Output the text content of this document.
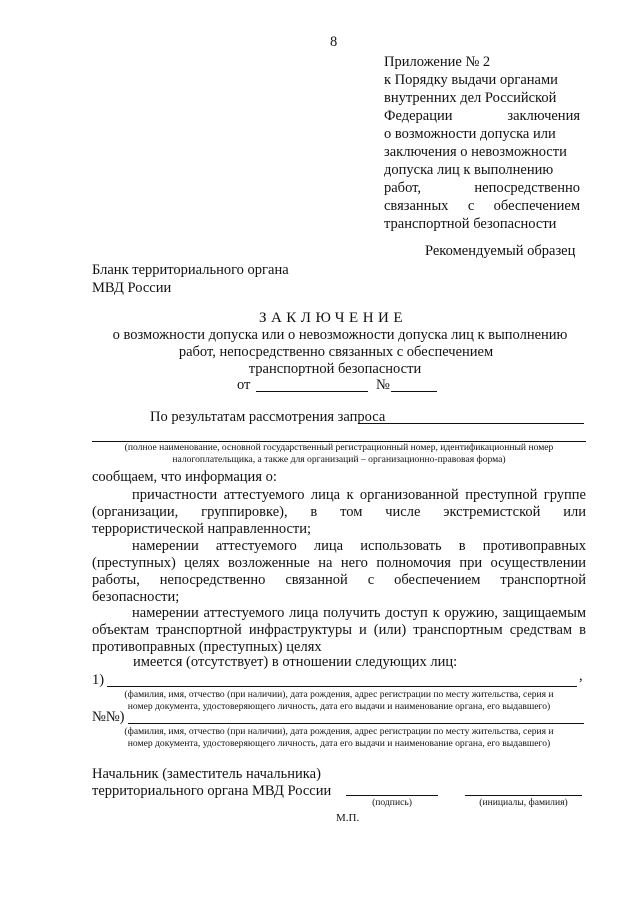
8
Приложение № 2
к Порядку выдачи органами
внутренних дел Российской
Федерации заключения
о возможности допуска или
заключения о невозможности
допуска лиц к выполнению
работ, непосредственно
связанных с обеспечением
транспортной безопасности
Рекомендуемый образец
Бланк территориального органа
МВД России
ЗАКЛЮЧЕНИЕ
о возможности допуска или о невозможности допуска лиц к выполнению
работ, непосредственно связанных с обеспечением
транспортной безопасности
от	№
По результатам рассмотрения запроса
(полное наименование, основной государственный регистрационный номер, идентификационный номер
налогоплательщика, а также для организаций – организационно-правовая форма)
сообщаем, что информация о:
причастности аттестуемого лица к организованной преступной группе (организации, группировке), в том числе экстремистской или террористической направленности;
намерении аттестуемого лица использовать в противоправных (преступных) целях возложенные на него полномочия при осуществлении работы, непосредственно связанной с обеспечением транспортной безопасности;
намерении аттестуемого лица получить доступ к оружию, защищаемым объектам транспортной инфраструктуры и (или) транспортным средствам в противоправных (преступных) целях
имеется (отсутствует) в отношении следующих лиц:
1)	,
(фамилия, имя, отчество (при наличии), дата рождения, адрес регистрации по месту жительства, серия и
номер документа, удостоверяющего личность, дата его выдачи и наименование органа, его выдавшего)
№№)
(фамилия, имя, отчество (при наличии), дата рождения, адрес регистрации по месту жительства, серия и
номер документа, удостоверяющего личность, дата его выдачи и наименование органа, его выдавшего)
Начальник (заместитель начальника)
территориального органа МВД России
(подпись)	(инициалы, фамилия)
М.П.
